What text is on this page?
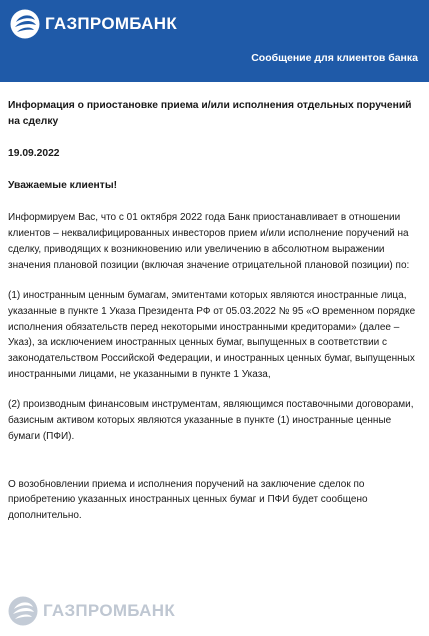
ГАЗПРОМБАНК
Сообщение для клиентов банка
Информация о приостановке приема и/или исполнения отдельных поручений на сделку
19.09.2022
Уважаемые клиенты!

Информируем Вас, что с 01 октября 2022 года Банк приостанавливает в отношении клиентов – неквалифицированных инвесторов прием и/или исполнение поручений на сделку, приводящих к возникновению или увеличению в абсолютном выражении значения плановой позиции (включая значение отрицательной плановой позиции) по:

(1) иностранным ценным бумагам, эмитентами которых являются иностранные лица, указанные в пункте 1 Указа Президента РФ от 05.03.2022 № 95 «О временном порядке исполнения обязательств перед некоторыми иностранными кредиторами» (далее – Указ), за исключением иностранных ценных бумаг, выпущенных в соответствии с законодательством Российской Федерации, и иностранных ценных бумаг, выпущенных иностранными лицами, не указанными в пункте 1 Указа,

(2) производным финансовым инструментам, являющимся поставочными договорами, базисным активом которых являются указанные в пункте (1) иностранные ценные бумаги (ПФИ).

О возобновлении приема и исполнения поручений на заключение сделок по приобретению указанных иностранных ценных бумаг и ПФИ будет сообщено дополнительно.

ГАЗПРОМБАНК
